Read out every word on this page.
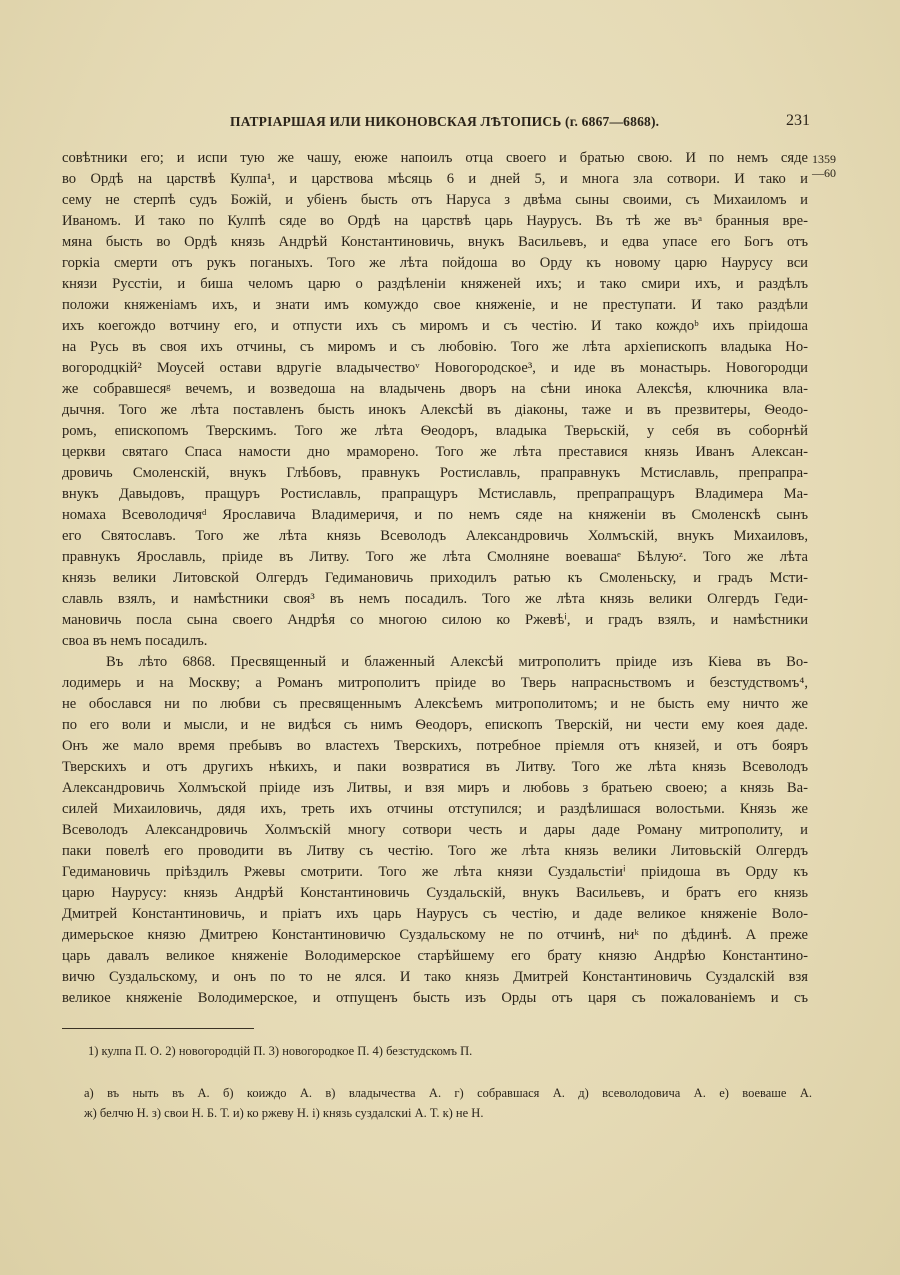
ПАТРІАРШАЯ ИЛИ НИКОНОВСКАЯ ЛѢТОПИСЬ (г. 6867—6868).	231
1359
—60
совѣтники его; и испи тую же чашу, еюже напоилъ отца своего и братью свою. И по немъ сяде
во Ордѣ на царствѣ Кулпа¹, и царствова мѣсяць 6 и дней 5, и многа зла сотвори. И тако и
сему не стерпѣ судъ Божій, и убіенъ бысть отъ Наруса з двѣма сыны своими, съ Михаиломъ и
Иваномъ. И тако по Кулпѣ сяде во Ордѣ на царствѣ царь Наурусъ. Въ тѣ же въᵃ бранныя вре-
мяна бысть во Ордѣ князь Андрѣй Константиновичь, внукъ Васильевъ, и едва упасе его Богъ отъ
горкіа смерти отъ рукъ поганыхъ. Того же лѣта пойдоша во Орду къ новому царю Наурусу вси
князи Русстіи, и биша челомъ царю о раздѣленіи княженей ихъ; и тако смири ихъ, и раздѣлъ
положи княженіамъ ихъ, и знати имъ комуждо свое княженіе, и не преступати. И тако раздѣли
ихъ коегождо вотчину его, и отпусти ихъ съ миромъ и съ честію. И тако кождоᵇ ихъ пріидоша
на Русь въ своя ихъ отчины, съ миромъ и съ любовію. Того же лѣта архіепископъ владыка Но-
вогородцкій² Моусей остави вдругіе владычествоᵛ Новогородское³, и иде въ монастырь. Новогородци
же собравшесяᵍ вечемъ, и возведоша на владычень дворъ на сѣни инока Алексѣя, ключника вла-
дычня. Того же лѣта поставленъ бысть инокъ Алексѣй въ діаконы, таже и въ презвитеры, Ѳеодо-
ромъ, епископомъ Тверскимъ. Того же лѣта Ѳеодоръ, владыка Тверьскій, у себя въ соборнѣй
церкви святаго Спаса намости дно мраморено. Того же лѣта преставися князь Иванъ Алексан-
дровичь Смоленскій, внукъ Глѣбовъ, правнукъ Ростиславль, праправнукъ Мстиславль, препрапра-
внукъ Давыдовъ, пращуръ Ростиславль, прапращуръ Мстиславль, препрапращуръ Владимера Ма-
номаха Всеволодичяᵈ Ярославича Владимеричя, и по немъ сяде на княженіи въ Смоленскѣ сынъ
его Святославъ. Того же лѣта князь Всеволодъ Александровичь Холмъскій, внукъ Михаиловъ,
правнукъ Ярославль, пріиде въ Литву. Того же лѣта Смолняне воевашаᵉ Бѣлуюᶻ. Того же лѣта
князь велики Литовской Олгердъ Гедимановичь приходилъ ратью къ Смоленьску, и градъ Мсти-
славль взялъ, и намѣстники своя³ въ немъ посадилъ. Того же лѣта князь велики Олгердъ Геди-
мановичь посла сына своего Андрѣя со многою силою ко Ржевѣⁱ, и градъ взялъ, и намѣстники
своа въ немъ посадилъ.
Въ лѣто 6868. Пресвященный и блаженный Алексѣй митрополитъ пріиде изъ Кіева въ Во-
лодимерь и на Москву; а Романъ митрополитъ пріиде во Тверь напрасньствомъ и безстудствомъ⁴,
не обослався ни по любви съ пресвященнымъ Алексѣемъ митрополитомъ; и не бысть ему ничто же
по его воли и мысли, и не видѣся съ нимъ Ѳеодоръ, епископъ Тверскій, ни чести ему коея даде.
Онъ же мало время пребывъ во властехъ Тверскихъ, потребное пріемля отъ князей, и отъ бояръ
Тверскихъ и отъ другихъ нѣкихъ, и паки возвратися въ Литву. Того же лѣта князь Всеволодъ
Александровичь Холмъской пріиде изъ Литвы, и взя миръ и любовь з братьею своею; а князь Ва-
силей Михаиловичь, дядя ихъ, треть ихъ отчины отступился; и раздѣлишася волостьми. Князь же
Всеволодъ Александровичь Холмъскій многу сотвори честь и дары даде Роману митрополиту, и
паки повелѣ его проводити въ Литву съ честію. Того же лѣта князь велики Литовьскій Олгердъ
Гедимановичь пріѣздилъ Ржевы смотрити. Того же лѣта князи Суздальстіиⁱ пріидоша въ Орду къ
царю Наурусу: князь Андрѣй Константиновичь Суздальскій, внукъ Васильевъ, и братъ его князь
Дмитрей Константиновичь, и пріатъ ихъ царь Наурусъ съ честію, и даде великое княженіе Воло-
димерьское князю Дмитрею Константиновичю Суздальскому не по отчинѣ, ниᵏ по дѣдинѣ. А преже
царь давалъ великое княженіе Володимерское старѣйшему его брату князю Андрѣю Константино-
вичю Суздальскому, и онъ по то не ялся. И тако князь Дмитрей Константиновичь Суздалскій взя
великое княженіе Володимерское, и отпущенъ бысть изъ Орды отъ царя съ пожалованіемъ и съ
1) кулпа П. О. 2) новогородцій П. 3) новогородкое П. 4) безстудскомъ П.
а) въ ныть въ А. б) коиждо А. в) владычества А. г) собравшася А. д) всеволодовича А. е) воеваше А.
ж) белчю Н. з) свои Н. Б. Т. и) ко ржеву Н. і) князь суздалскиі А. Т. к) не Н.
